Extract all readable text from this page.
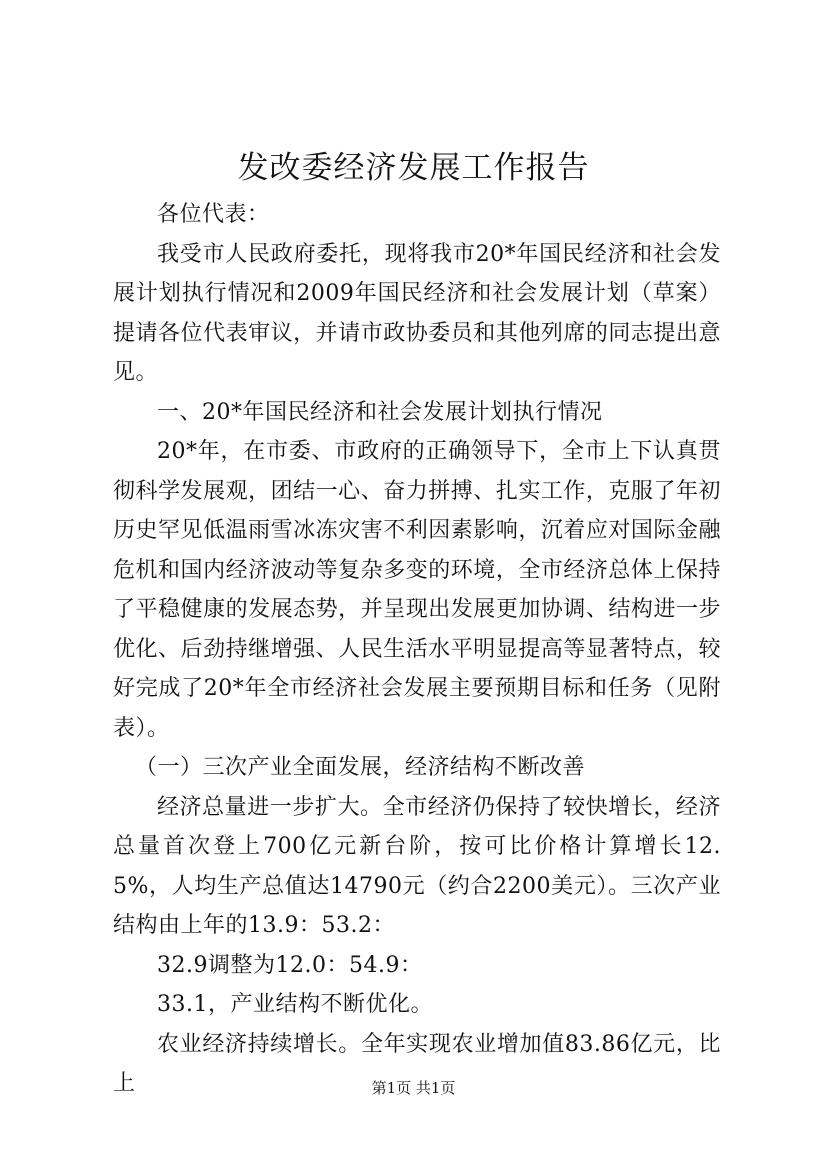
发改委经济发展工作报告

各位代表：

我受市人民政府委托，现将我市20*年国民经济和社会发展计划执行情况和2009年国民经济和社会发展计划（草案）提请各位代表审议，并请市政协委员和其他列席的同志提出意见。

一、20*年国民经济和社会发展计划执行情况

20*年，在市委、市政府的正确领导下，全市上下认真贯彻科学发展观，团结一心、奋力拼搏、扎实工作，克服了年初历史罕见低温雨雪冰冻灾害不利因素影响，沉着应对国际金融危机和国内经济波动等复杂多变的环境，全市经济总体上保持了平稳健康的发展态势，并呈现出发展更加协调、结构进一步优化、后劲持继增强、人民生活水平明显提高等显著特点，较好完成了20*年全市经济社会发展主要预期目标和任务（见附表）。

（一）三次产业全面发展，经济结构不断改善

经济总量进一步扩大。全市经济仍保持了较快增长，经济总量首次登上700亿元新台阶，按可比价格计算增长12.5%，人均生产总值达14790元（约合2200美元）。三次产业结构由上年的13.9：53.2：

32.9调整为12.0：54.9：

33.1，产业结构不断优化。

农业经济持续增长。全年实现农业增加值83.86亿元，比上	第1页 共1页
